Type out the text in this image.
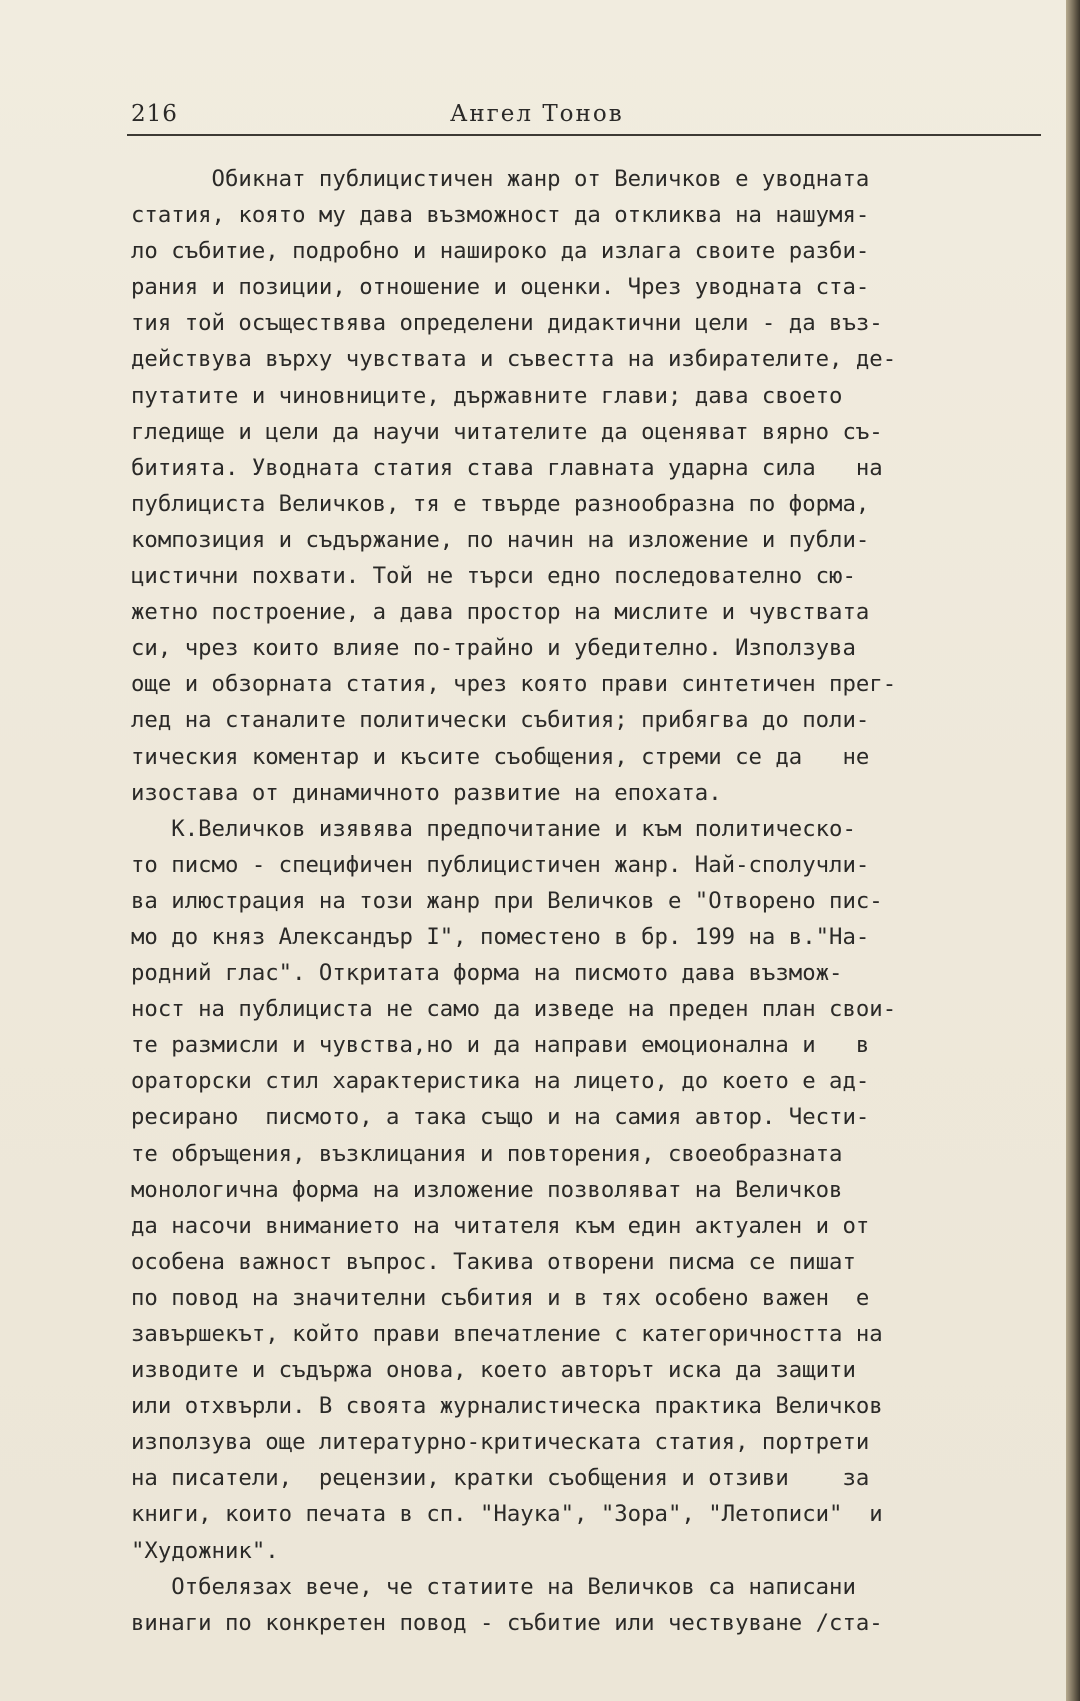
216	Ангел Тонов
Обикнат публицистичен жанр от Величков е уводната
статия, която му дава възможност да откликва на нашумя-
ло събитие, подробно и нашироко да излага своите разби-
рания и позиции, отношение и оценки. Чрез уводната ста-
тия той осъществява определени дидактични цели - да въз-
действува върху чувствата и съвестта на избирателите, де-
путатите и чиновниците, държавните глави; дава своето
гледище и цели да научи читателите да оценяват вярно съ-
битията. Уводната статия става главната ударна сила   на
публициста Величков, тя е твърде разнообразна по форма,
композиция и съдържание, по начин на изложение и публи-
цистични похвати. Той не търси едно последователно сю-
жетно построение, а дава простор на мислите и чувствата
си, чрез които влияе по-трайно и убедително. Използува
още и обзорната статия, чрез която прави синтетичен прег-
лед на станалите политически събития; прибягва до поли-
тическия коментар и късите съобщения, стреми се да   не
изостава от динамичното развитие на епохата.
К.Величков изявява предпочитание и към политическо-
то писмо - специфичен публицистичен жанр. Най-сполучли-
ва илюстрация на този жанр при Величков е "Отворено пис-
мо до княз Александър I", поместено в бр. 199 на в."На-
родний глас". Откритата форма на писмото дава възмож-
ност на публициста не само да изведе на преден план свои-
те размисли и чувства,но и да направи емоционална и   в
ораторски стил характеристика на лицето, до което е ад-
ресирано  писмото, а така също и на самия автор. Чести-
те обръщения, възклицания и повторения, своеобразната
монологична форма на изложение позволяват на Величков
да насочи вниманието на читателя към един актуален и от
особена важност въпрос. Такива отворени писма се пишат
по повод на значителни събития и в тях особено важен  е
завършекът, който прави впечатление с категоричността на
изводите и съдържа онова, което авторът иска да защити
или отхвърли. В своята журналистическа практика Величков
използува още литературно-критическата статия, портрети
на писатели,  рецензии, кратки съобщения и отзиви    за
книги, които печата в сп. "Наука", "Зора", "Летописи"  и
"Художник".
Отбелязах вече, че статиите на Величков са написани
винаги по конкретен повод - събитие или чествуване /ста-
